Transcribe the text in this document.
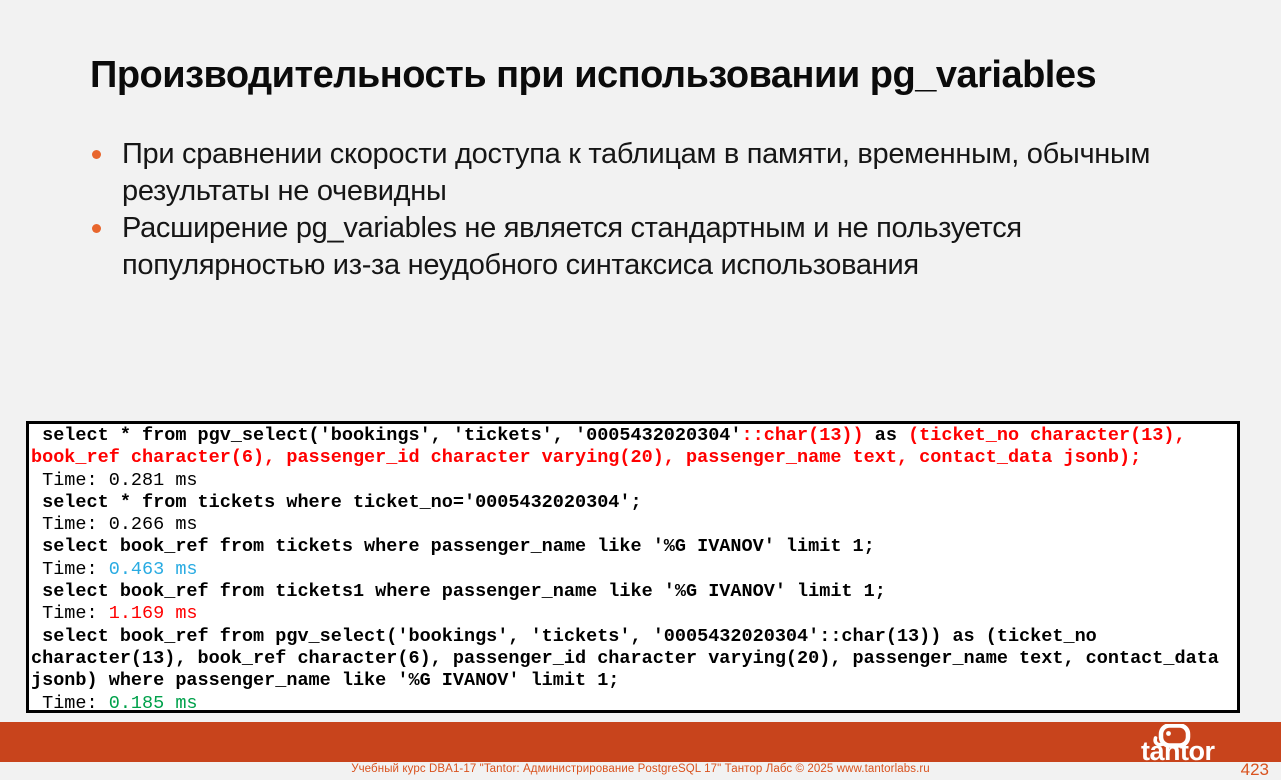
Производительность при использовании pg_variables
При сравнении скорости доступа к таблицам в памяти, временным, обычным результаты не очевидны
Расширение pg_variables не является стандартным и не пользуется популярностью из-за неудобного синтаксиса использования
select * from pgv_select('bookings', 'tickets', '0005432020304'::char(13)) as (ticket_no character(13),
book_ref character(6), passenger_id character varying(20), passenger_name text, contact_data jsonb);
Time: 0.281 ms
select * from tickets where ticket_no='0005432020304';
Time: 0.266 ms
select book_ref from tickets where passenger_name like '%G IVANOV' limit 1;
Time: 0.463 ms
select book_ref from tickets1 where passenger_name like '%G IVANOV' limit 1;
Time: 1.169 ms
select book_ref from pgv_select('bookings', 'tickets', '0005432020304'::char(13)) as (ticket_no
character(13), book_ref character(6), passenger_id character varying(20), passenger_name text, contact_data
jsonb) where passenger_name like '%G IVANOV' limit 1;
Time: 0.185 ms
tantor
Учебный курс DBA1-17 "Tantor: Администрирование PostgreSQL 17" Тантор Лабс © 2025 www.tantorlabs.ru	423
